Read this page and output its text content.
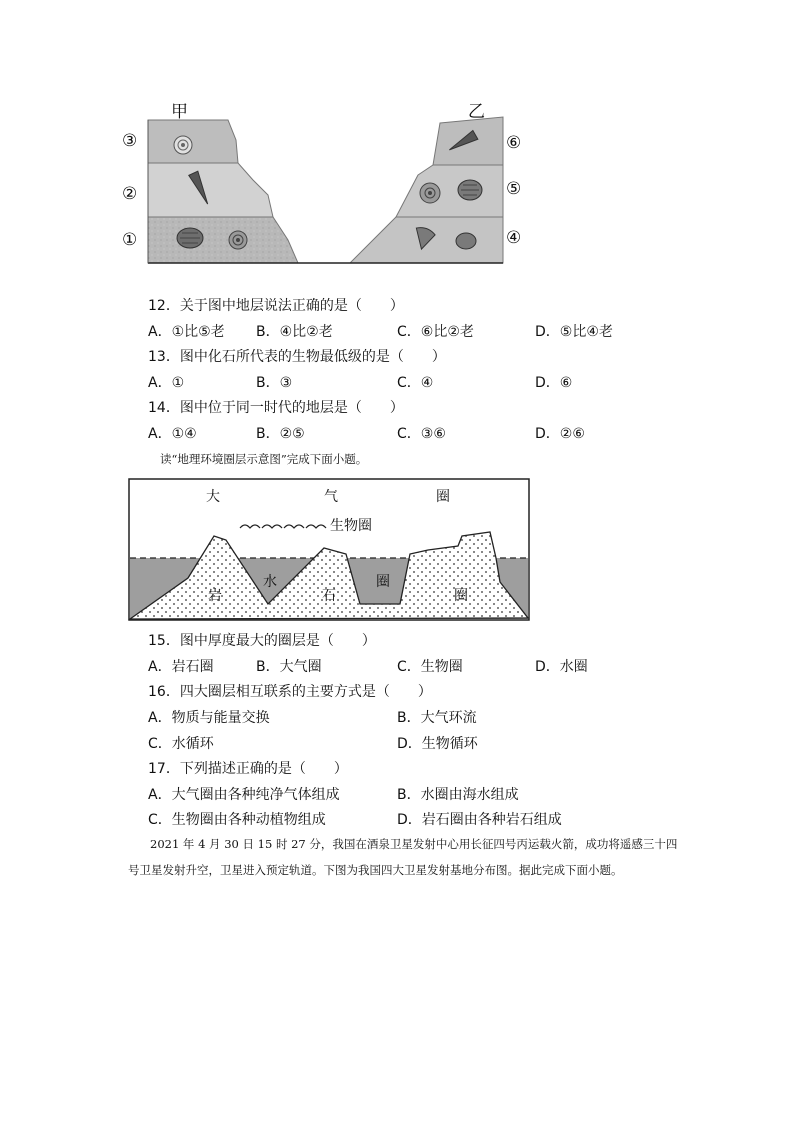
甲	乙
③
②
①
⑥
⑤
④
12．关于图中地层说法正确的是（　　）
A．①比⑤老 B．④比②老	C．⑥比②老	D．⑤比④老
13．图中化石所代表的生物最低级的是（　　）
A．①	B．③	C．④	D．⑥
14．图中位于同一时代的地层是（　　）
A．①④	B．②⑤	C．③⑥	D．②⑥
读“地理环境圈层示意图”完成下面小题。
大	气	圈
生物圈
水	圈
岩	石	圈
15．图中厚度最大的圈层是（　　）
A．岩石圈	B．大气圈	C．生物圈	D．水圈
16．四大圈层相互联系的主要方式是（　　）
A．物质与能量交换	B．大气环流
C．水循环	D．生物循环
17．下列描述正确的是（　　）
A．大气圈由各种纯净气体组成	B．水圈由海水组成
C．生物圈由各种动植物组成	D．岩石圈由各种岩石组成
2021 年 4 月 30 日 15 时 27 分，我国在酒泉卫星发射中心用长征四号丙运载火箭，成功将遥感三十四号卫星发射升空，卫星进入预定轨道。下图为我国四大卫星发射基地分布图。据此完成下面小题。
